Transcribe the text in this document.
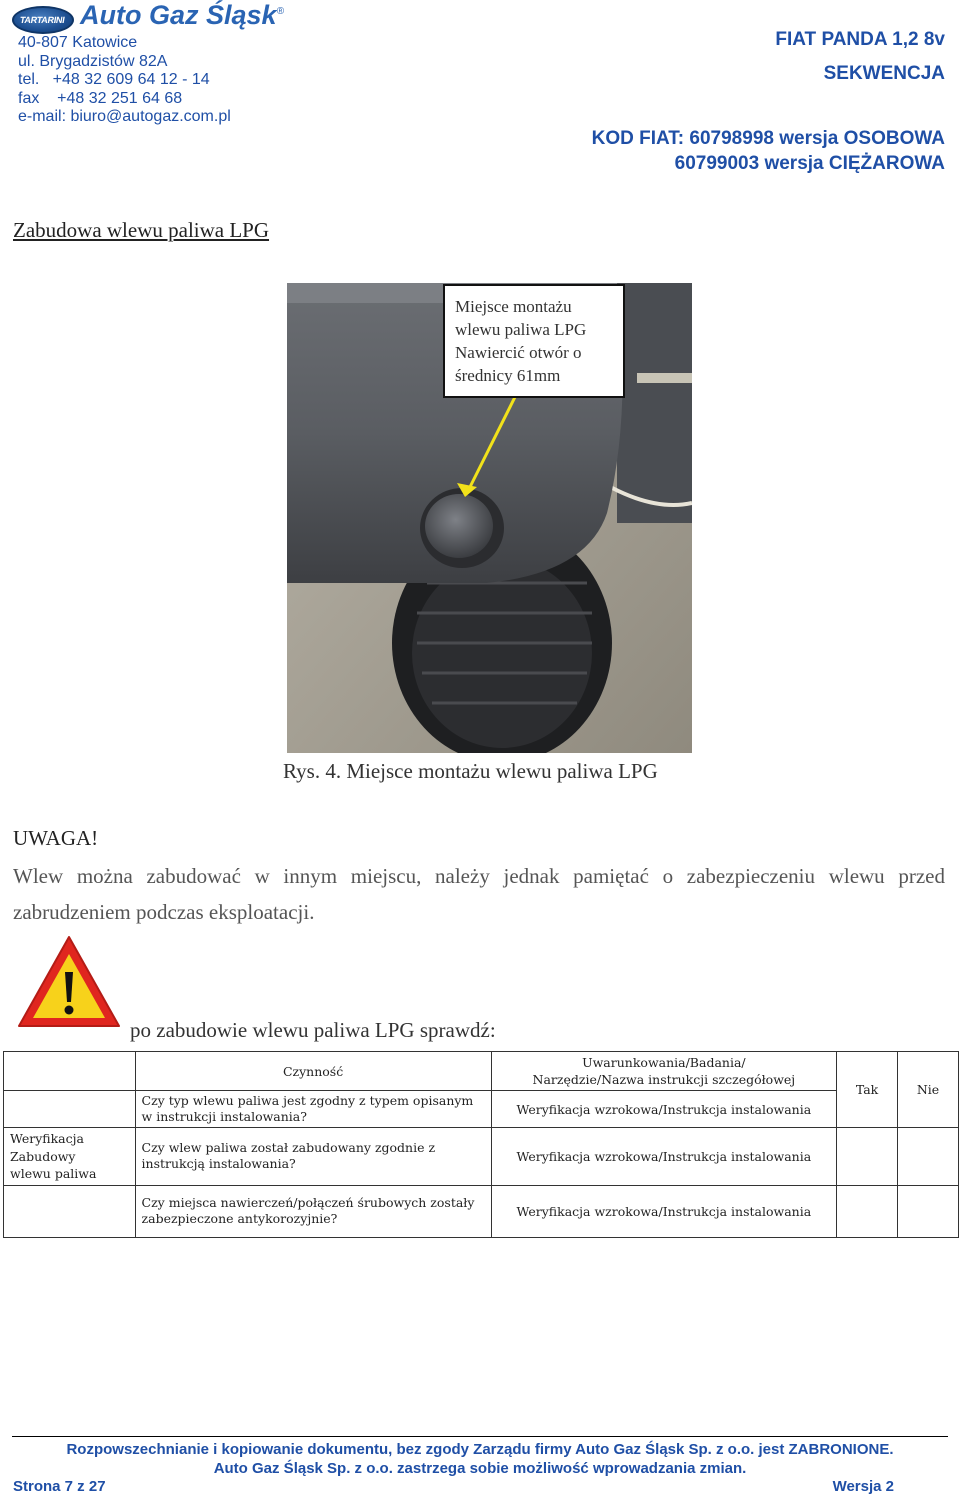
TARTARINI Auto Gaz Śląsk®
40-807 Katowice
ul. Brygadzistów 82A
tel.   +48 32 609 64 12 - 14
fax    +48 32 251 64 68
e-mail: biuro@autogaz.com.pl
FIAT PANDA 1,2 8v
SEKWENCJA
KOD FIAT: 60798998 wersja OSOBOWA
60799003 wersja CIĘŻAROWA
Zabudowa wlewu paliwa LPG
Miejsce montażu
wlewu paliwa LPG
Nawiercić otwór o
średnicy 61mm
Rys. 4. Miejsce montażu wlewu paliwa LPG
UWAGA!
Wlew można zabudować w innym miejscu, należy jednak pamiętać o zabezpieczeniu wlewu przed zabrudzeniem podczas eksploatacji.
po zabudowie wlewu paliwa LPG sprawdź:
	Czynność	Uwarunkowania/Badania/
Narzędzie/Nazwa instrukcji szczegółowej	Tak	Nie
	Czy typ wlewu paliwa jest zgodny z typem opisanym w instrukcji instalowania?	Weryfikacja wzrokowa/Instrukcja instalowania		
Weryfikacja
Zabudowy
wlewu paliwa	Czy wlew paliwa został zabudowany zgodnie z instrukcją instalowania?	Weryfikacja wzrokowa/Instrukcja instalowania		
	Czy miejsca nawierczeń/połączeń śrubowych zostały zabezpieczone antykorozyjnie?	Weryfikacja wzrokowa/Instrukcja instalowania		
Rozpowszechnianie i kopiowanie dokumentu, bez zgody Zarządu firmy Auto Gaz Śląsk Sp. z o.o. jest ZABRONIONE.
Auto Gaz Śląsk Sp. z o.o. zastrzega sobie możliwość wprowadzania zmian.
Strona 7 z 27	Wersja 2
